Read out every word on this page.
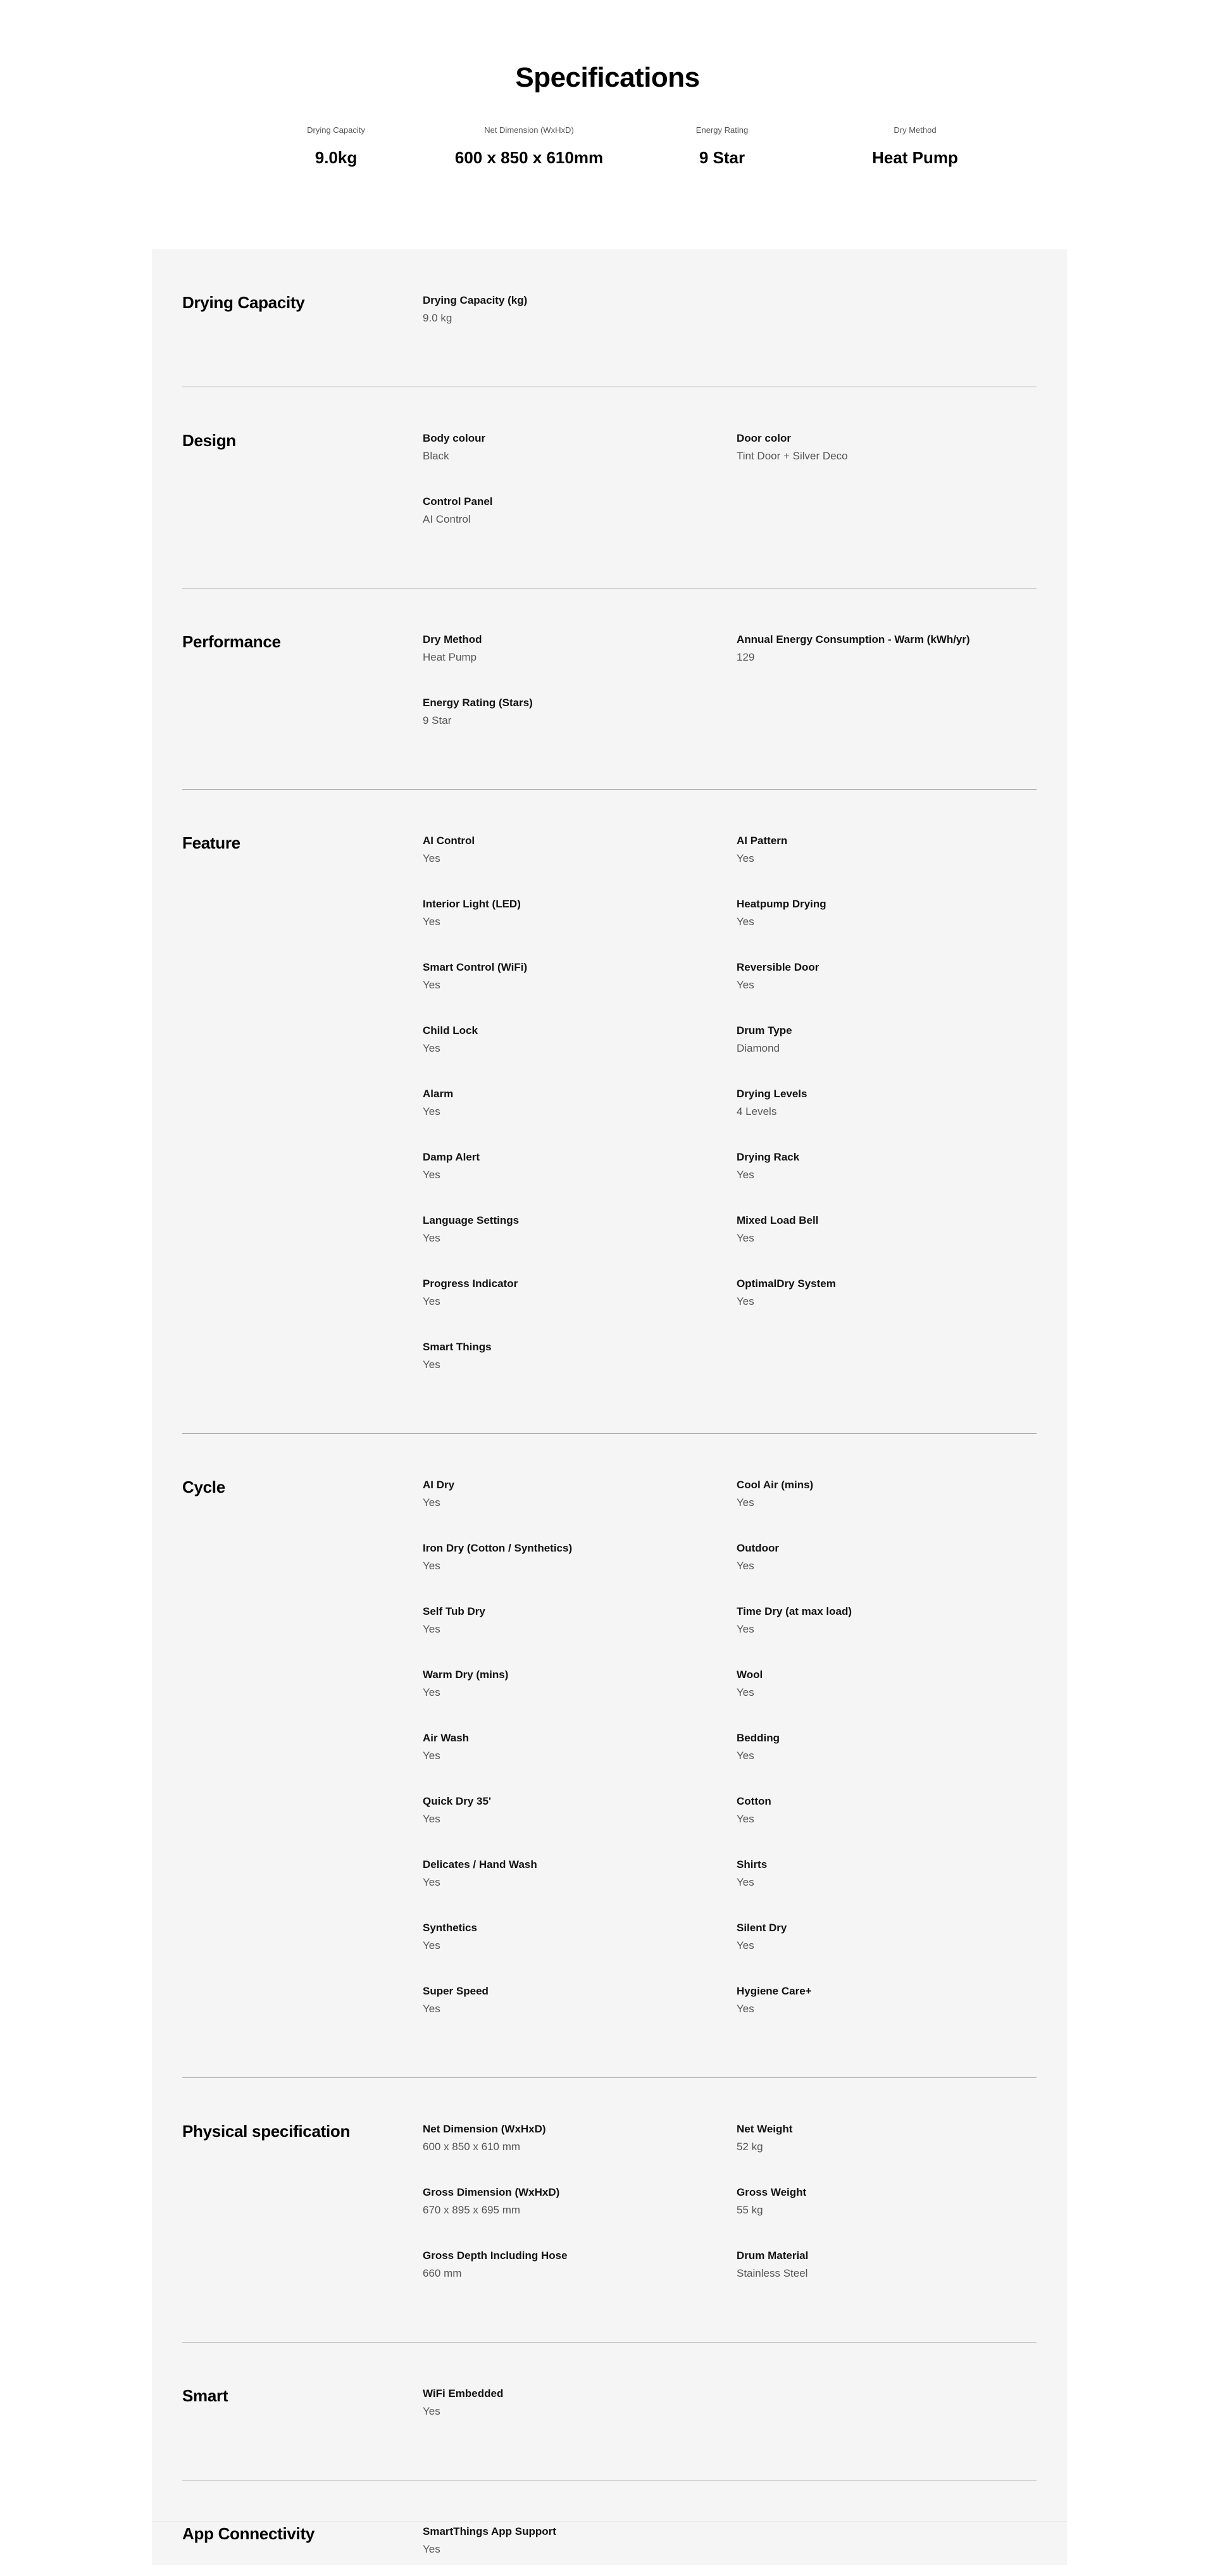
Specifications
Drying Capacity
9.0kg
Net Dimension (WxHxD)
600 x 850 x 610mm
Energy Rating
9 Star
Dry Method
Heat Pump
Drying Capacity	Drying Capacity (kg)
9.0 kg
Design	Body colour
Black
Door color
Tint Door + Silver Deco
Control Panel
AI Control
Performance	Dry Method
Heat Pump
Annual Energy Consumption - Warm (kWh/yr)
129
Energy Rating (Stars)
9 Star
Feature	AI Control
Yes
AI Pattern
Yes
Interior Light (LED)
Yes
Heatpump Drying
Yes
Smart Control (WiFi)
Yes
Reversible Door
Yes
Child Lock
Yes
Drum Type
Diamond
Alarm
Yes
Drying Levels
4 Levels
Damp Alert
Yes
Drying Rack
Yes
Language Settings
Yes
Mixed Load Bell
Yes
Progress Indicator
Yes
OptimalDry System
Yes
Smart Things
Yes
Cycle	AI Dry
Yes
Cool Air (mins)
Yes
Iron Dry (Cotton / Synthetics)
Yes
Outdoor
Yes
Self Tub Dry
Yes
Time Dry (at max load)
Yes
Warm Dry (mins)
Yes
Wool
Yes
Air Wash
Yes
Bedding
Yes
Quick Dry 35'
Yes
Cotton
Yes
Delicates / Hand Wash
Yes
Shirts
Yes
Synthetics
Yes
Silent Dry
Yes
Super Speed
Yes
Hygiene Care+
Yes
Physical specification	Net Dimension (WxHxD)
600 x 850 x 610 mm
Net Weight
52 kg
Gross Dimension (WxHxD)
670 x 895 x 695 mm
Gross Weight
55 kg
Gross Depth Including Hose
660 mm
Drum Material
Stainless Steel
Smart	WiFi Embedded
Yes
App Connectivity	SmartThings App Support
Yes
